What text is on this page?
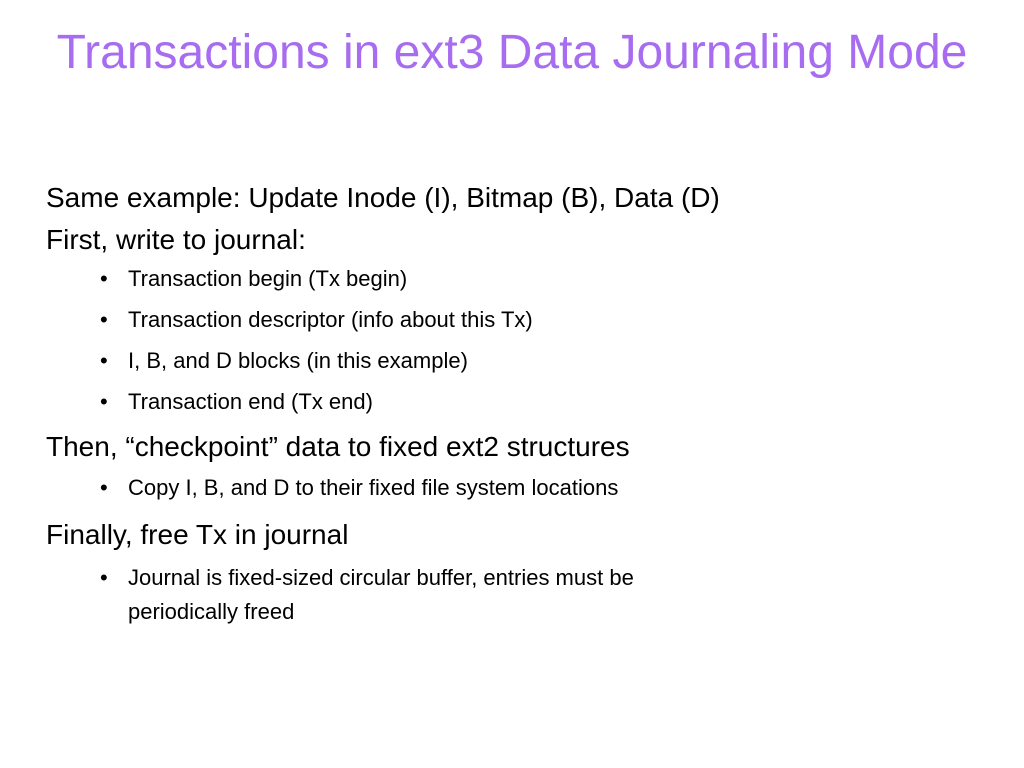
Transactions in ext3 Data Journaling Mode

Same example: Update Inode (I), Bitmap (B), Data (D)

First, write to journal:

• Transaction begin (Tx begin)
• Transaction descriptor (info about this Tx)
• I, B, and D blocks (in this example)
• Transaction end (Tx end)

Then, “checkpoint” data to fixed ext2 structures

• Copy I, B, and D to their fixed file system locations

Finally, free Tx in journal

• Journal is fixed-sized circular buffer, entries must be periodically freed
